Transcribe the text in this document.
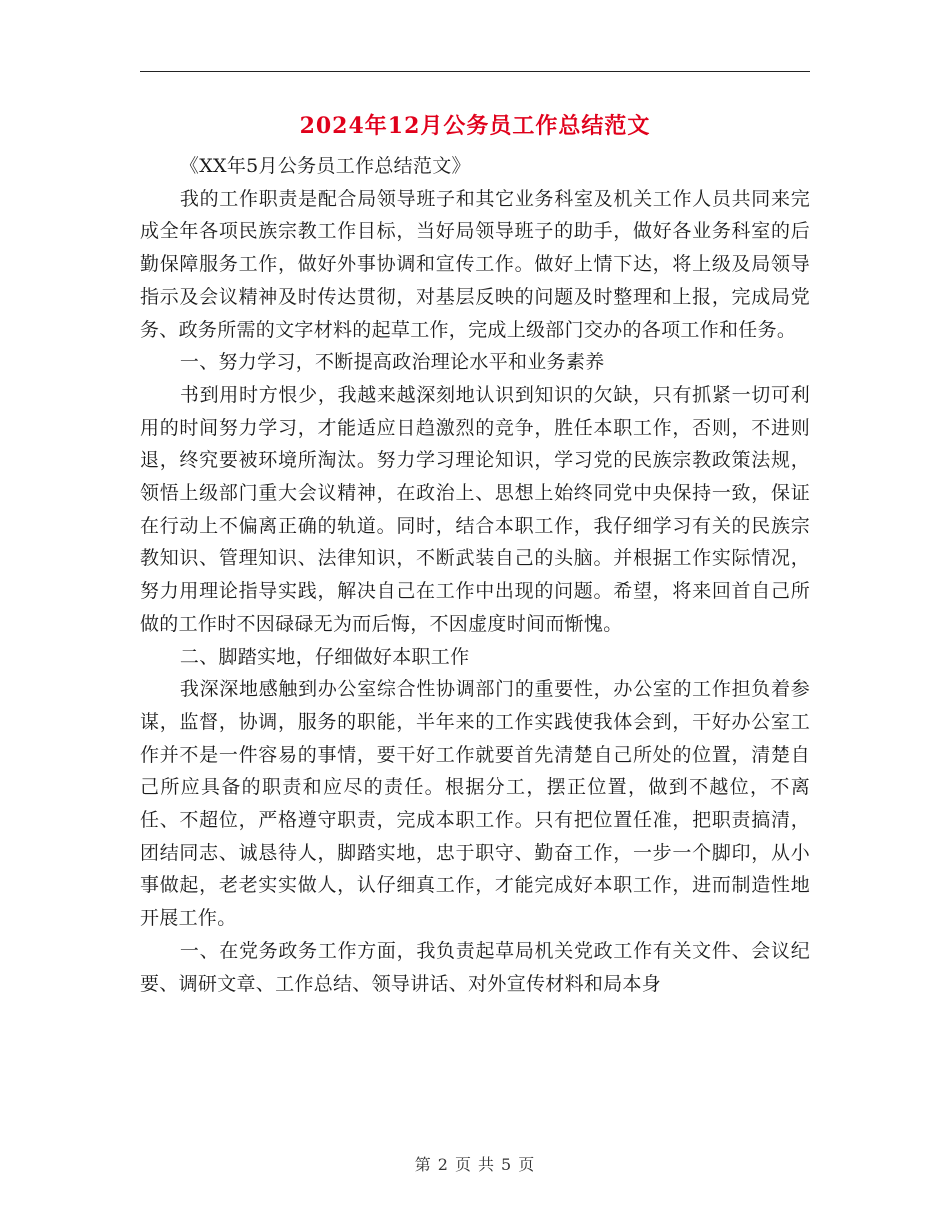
2024年12月公务员工作总结范文

《XX年5月公务员工作总结范文》

我的工作职责是配合局领导班子和其它业务科室及机关工作人员共同来完成全年各项民族宗教工作目标，当好局领导班子的助手，做好各业务科室的后勤保障服务工作，做好外事协调和宣传工作。做好上情下达，将上级及局领导指示及会议精神及时传达贯彻，对基层反映的问题及时整理和上报，完成局党务、政务所需的文字材料的起草工作，完成上级部门交办的各项工作和任务。

一、努力学习，不断提高政治理论水平和业务素养

书到用时方恨少，我越来越深刻地认识到知识的欠缺，只有抓紧一切可利用的时间努力学习，才能适应日趋激烈的竞争，胜任本职工作，否则，不进则退，终究要被环境所淘汰。努力学习理论知识，学习党的民族宗教政策法规，领悟上级部门重大会议精神，在政治上、思想上始终同党中央保持一致，保证在行动上不偏离正确的轨道。同时，结合本职工作，我仔细学习有关的民族宗教知识、管理知识、法律知识，不断武装自己的头脑。并根据工作实际情况，努力用理论指导实践，解决自己在工作中出现的问题。希望，将来回首自己所做的工作时不因碌碌无为而后悔，不因虚度时间而惭愧。

二、脚踏实地，仔细做好本职工作

我深深地感触到办公室综合性协调部门的重要性，办公室的工作担负着参谋，监督，协调，服务的职能，半年来的工作实践使我体会到，干好办公室工作并不是一件容易的事情，要干好工作就要首先清楚自己所处的位置，清楚自己所应具备的职责和应尽的责任。根据分工，摆正位置，做到不越位，不离任、不超位，严格遵守职责，完成本职工作。只有把位置任准，把职责搞清，团结同志、诚恳待人，脚踏实地，忠于职守、勤奋工作，一步一个脚印，从小事做起，老老实实做人，认仔细真工作，才能完成好本职工作，进而制造性地开展工作。

一、在党务政务工作方面，我负责起草局机关党政工作有关文件、会议纪要、调研文章、工作总结、领导讲话、对外宣传材料和局本身

第 2 页 共 5 页
